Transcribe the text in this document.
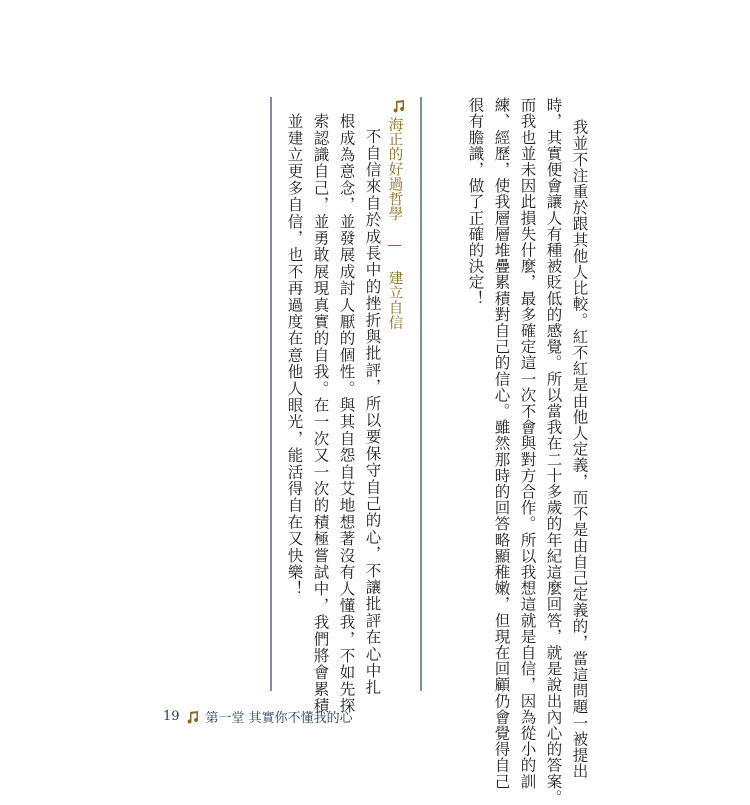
我並不注重於跟其他人比較。紅不紅是由他人定義，而不是由自己定義的，當這問題一被提出
時，其實便會讓人有種被貶低的感覺。所以當我在二十多歲的年紀這麼回答，就是說出內心的答案。
而我也並未因此損失什麼，最多確定這一次不會與對方合作。所以我想這就是自信，因為從小的訓
練、經歷，使我層層堆疊累積對自己的信心。雖然那時的回答略顯稚嫩，但現在回顧仍會覺得自己
很有膽識，做了正確的決定！
海正的好過哲學 — 建立自信
不自信來自於成長中的挫折與批評，所以要保守自己的心，不讓批評在心中扎
根成為意念，並發展成討人厭的個性。與其自怨自艾地想著沒有人懂我，不如先探
索認識自己，並勇敢展現真實的自我。在一次又一次的積極嘗試中，我們將會累積
並建立更多自信，也不再過度在意他人眼光，能活得自在又快樂！
19 第一堂 其實你不懂我的心
